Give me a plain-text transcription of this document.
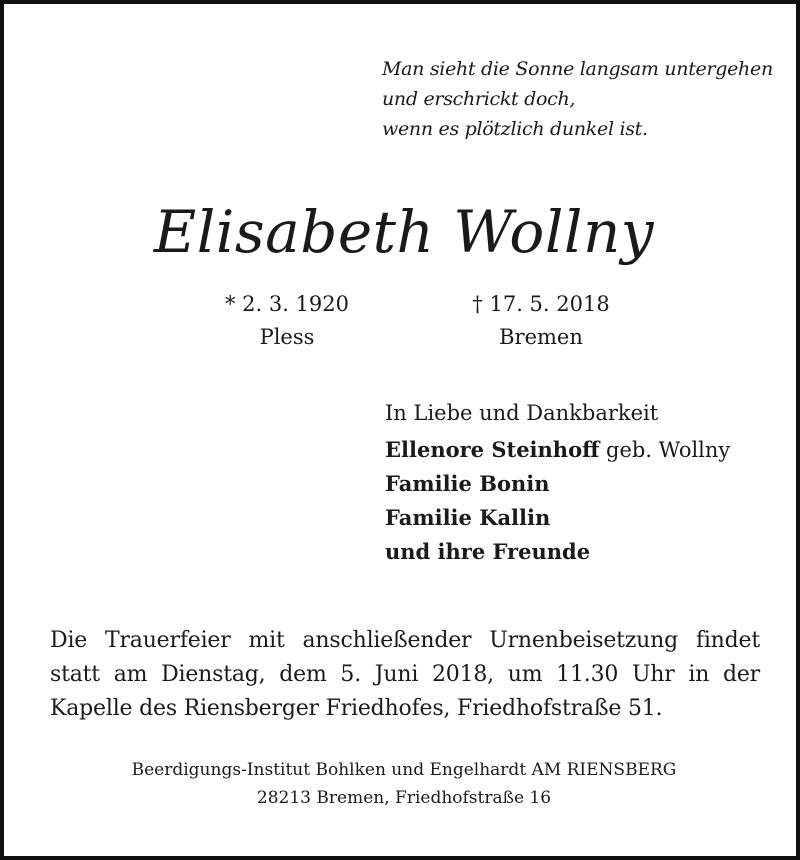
Man sieht die Sonne langsam untergehen
und erschrickt doch,
wenn es plötzlich dunkel ist.
Elisabeth Wollny
* 2. 3. 1920
Pless
† 17. 5. 2018
Bremen
In Liebe und Dankbarkeit
Ellenore Steinhoff geb. Wollny
Familie Bonin
Familie Kallin
und ihre Freunde
Die Trauerfeier mit anschließender Urnenbeisetzung findet statt am Dienstag, dem 5. Juni 2018, um 11.30 Uhr in der Kapelle des Riensberger Friedhofes, Friedhofstraße 51.
Beerdigungs-Institut Bohlken und Engelhardt AM RIENSBERG
28213 Bremen, Friedhofstraße 16
